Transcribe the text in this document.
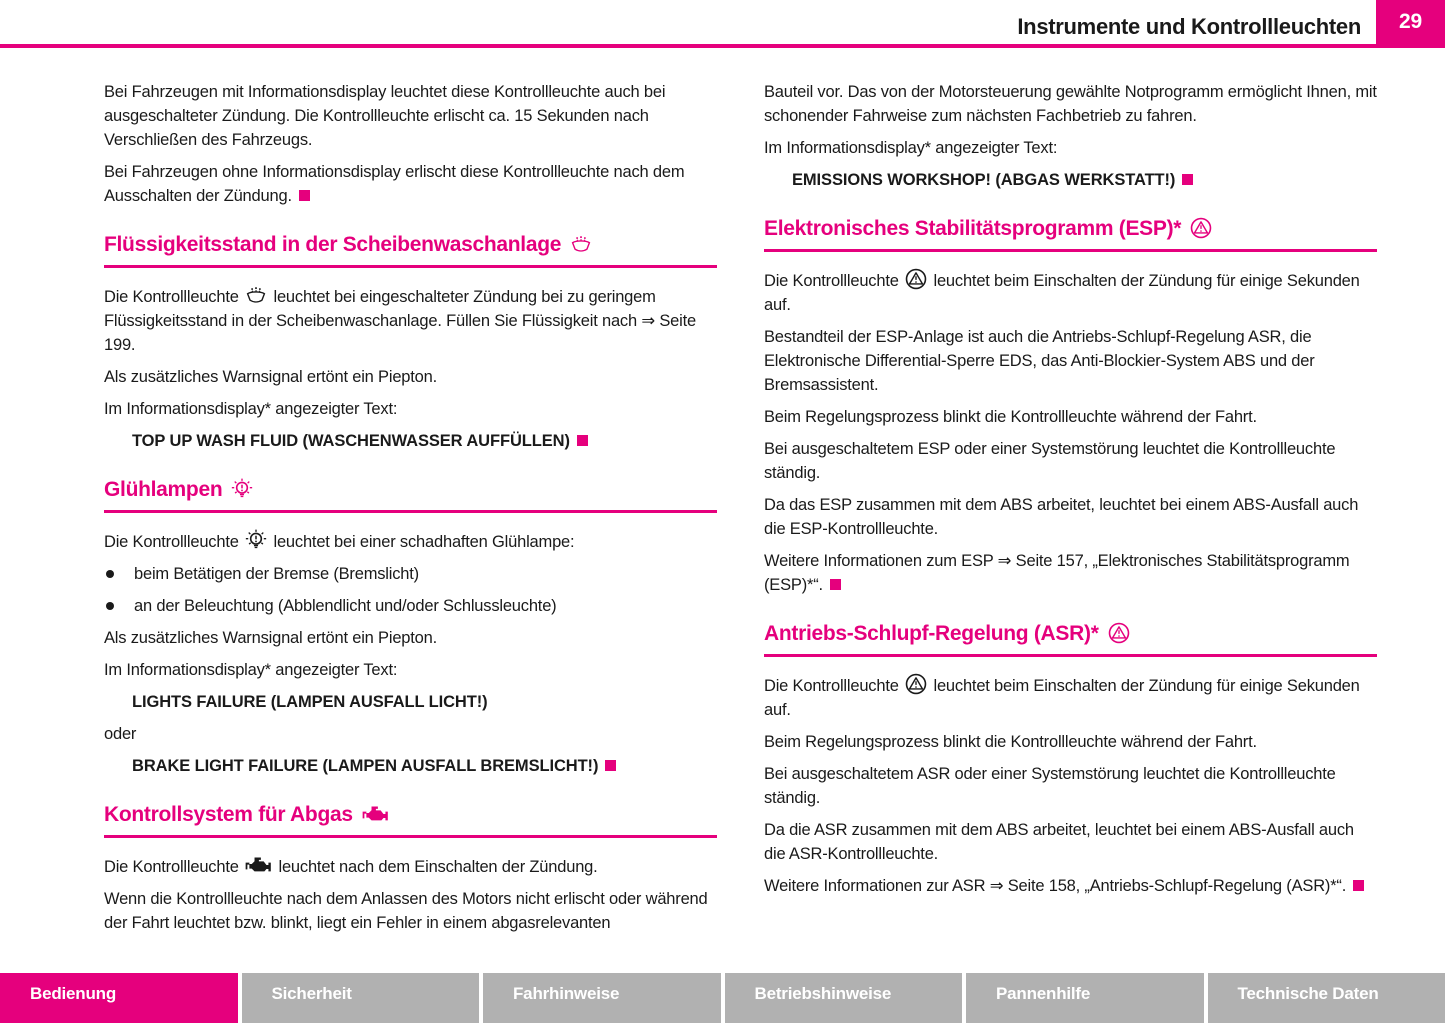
Instrumente und Kontrollleuchten	29

Bei Fahrzeugen mit Informationsdisplay leuchtet diese Kontrollleuchte auch bei ausgeschalteter Zündung. Die Kontrollleuchte erlischt ca. 15 Sekunden nach Verschließen des Fahrzeugs.

Bei Fahrzeugen ohne Informationsdisplay erlischt diese Kontrollleuchte nach dem Ausschalten der Zündung.

Flüssigkeitsstand in der Scheibenwaschanlage

Die Kontrollleuchte leuchtet bei eingeschalteter Zündung bei zu geringem Flüssigkeitsstand in der Scheibenwaschanlage. Füllen Sie Flüssigkeit nach ⇒ Seite 199.

Als zusätzliches Warnsignal ertönt ein Piepton.

Im Informationsdisplay* angezeigter Text:

TOP UP WASH FLUID (WASCHENWASSER AUFFÜLLEN)

Glühlampen

Die Kontrollleuchte leuchtet bei einer schadhaften Glühlampe:

beim Betätigen der Bremse (Bremslicht)
an der Beleuchtung (Abblendlicht und/oder Schlussleuchte)

Als zusätzliches Warnsignal ertönt ein Piepton.

Im Informationsdisplay* angezeigter Text:

LIGHTS FAILURE (LAMPEN AUSFALL LICHT!)

oder

BRAKE LIGHT FAILURE (LAMPEN AUSFALL BREMSLICHT!)

Kontrollsystem für Abgas

Die Kontrollleuchte leuchtet nach dem Einschalten der Zündung.

Wenn die Kontrollleuchte nach dem Anlassen des Motors nicht erlischt oder während der Fahrt leuchtet bzw. blinkt, liegt ein Fehler in einem abgasrelevanten

Bauteil vor. Das von der Motorsteuerung gewählte Notprogramm ermöglicht Ihnen, mit schonender Fahrweise zum nächsten Fachbetrieb zu fahren.

Im Informationsdisplay* angezeigter Text:

EMISSIONS WORKSHOP! (ABGAS WERKSTATT!)

Elektronisches Stabilitätsprogramm (ESP)*

Die Kontrollleuchte leuchtet beim Einschalten der Zündung für einige Sekunden auf.

Bestandteil der ESP-Anlage ist auch die Antriebs-Schlupf-Regelung ASR, die Elektronische Differential-Sperre EDS, das Anti-Blockier-System ABS und der Bremsassistent.

Beim Regelungsprozess blinkt die Kontrollleuchte während der Fahrt.

Bei ausgeschaltetem ESP oder einer Systemstörung leuchtet die Kontrollleuchte ständig.

Da das ESP zusammen mit dem ABS arbeitet, leuchtet bei einem ABS-Ausfall auch die ESP-Kontrollleuchte.

Weitere Informationen zum ESP ⇒ Seite 157, „Elektronisches Stabilitätsprogramm (ESP)*“.

Antriebs-Schlupf-Regelung (ASR)*

Die Kontrollleuchte leuchtet beim Einschalten der Zündung für einige Sekunden auf.

Beim Regelungsprozess blinkt die Kontrollleuchte während der Fahrt.

Bei ausgeschaltetem ASR oder einer Systemstörung leuchtet die Kontrollleuchte ständig.

Da die ASR zusammen mit dem ABS arbeitet, leuchtet bei einem ABS-Ausfall auch die ASR-Kontrollleuchte.

Weitere Informationen zur ASR ⇒ Seite 158, „Antriebs-Schlupf-Regelung (ASR)*“.

Bedienung	Sicherheit	Fahrhinweise	Betriebshinweise	Pannenhilfe	Technische Daten
